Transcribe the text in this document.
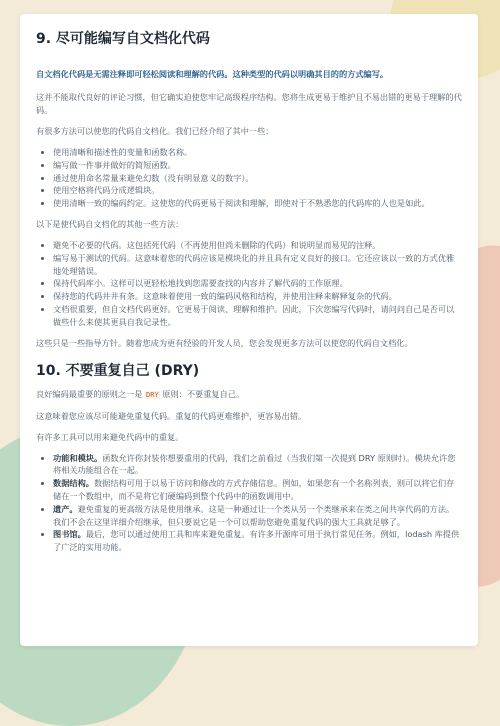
9. 尽可能编写自文档化代码

自文档化代码是无需注释即可轻松阅读和理解的代码。这种类型的代码以明确其目的的方式编写。

这并不能取代良好的评论习惯，但它确实迫使您牢记高级程序结构。您将生成更易于维护且不易出错的更易于理解的代码。

有很多方法可以使您的代码自文档化。我们已经介绍了其中一些：

• 使用清晰和描述性的变量和函数名称。
• 编写做一件事并做好的简短函数。
• 通过使用命名常量来避免幻数（没有明显意义的数字）。
• 使用空格将代码分成逻辑块。
• 使用清晰一致的编码约定。这使您的代码更易于阅读和理解，即使对于不熟悉您的代码库的人也是如此。

以下是使代码自文档化的其他一些方法：

• 避免不必要的代码。这包括死代码（不再使用但尚未删除的代码）和说明显而易见的注释。
• 编写易于测试的代码。这意味着您的代码应该是模块化的并且具有定义良好的接口。它还应该以一致的方式优雅地处理错误。
• 保持代码库小。这样可以更轻松地找到您需要查找的内容并了解代码的工作原理。
• 保持您的代码井井有条。这意味着使用一致的编码风格和结构，并使用注释来解释复杂的代码。
• 文档很重要，但自文档代码更好。它更易于阅读、理解和维护。因此，下次您编写代码时，请问问自己是否可以做些什么来使其更具自我记录性。

这些只是一些指导方针。随着您成为更有经验的开发人员，您会发现更多方法可以使您的代码自文档化。

10. 不要重复自己 (DRY)

良好编码最重要的原则之一是 DRY 原则：不要重复自己。

这意味着您应该尽可能避免重复代码。重复的代码更难维护，更容易出错。

有许多工具可以用来避免代码中的重复。

• 功能和模块。函数允许你封装你想要重用的代码，我们之前看过（当我们第一次提到 DRY 原则时）。模块允许您将相关功能组合在一起。
• 数据结构。数据结构可用于以易于访问和修改的方式存储信息。例如，如果您有一个名称列表，则可以将它们存储在一个数组中，而不是将它们硬编码到整个代码中的函数调用中。
• 遗产。避免重复的更高级方法是使用继承。这是一种通过让一个类从另一个类继承来在类之间共享代码的方法。我们不会在这里详细介绍继承，但只要说它是一个可以帮助您避免重复代码的强大工具就足够了。
• 图书馆。最后，您可以通过使用工具和库来避免重复。有许多开源库可用于执行常见任务。例如，lodash 库提供了广泛的实用功能。
